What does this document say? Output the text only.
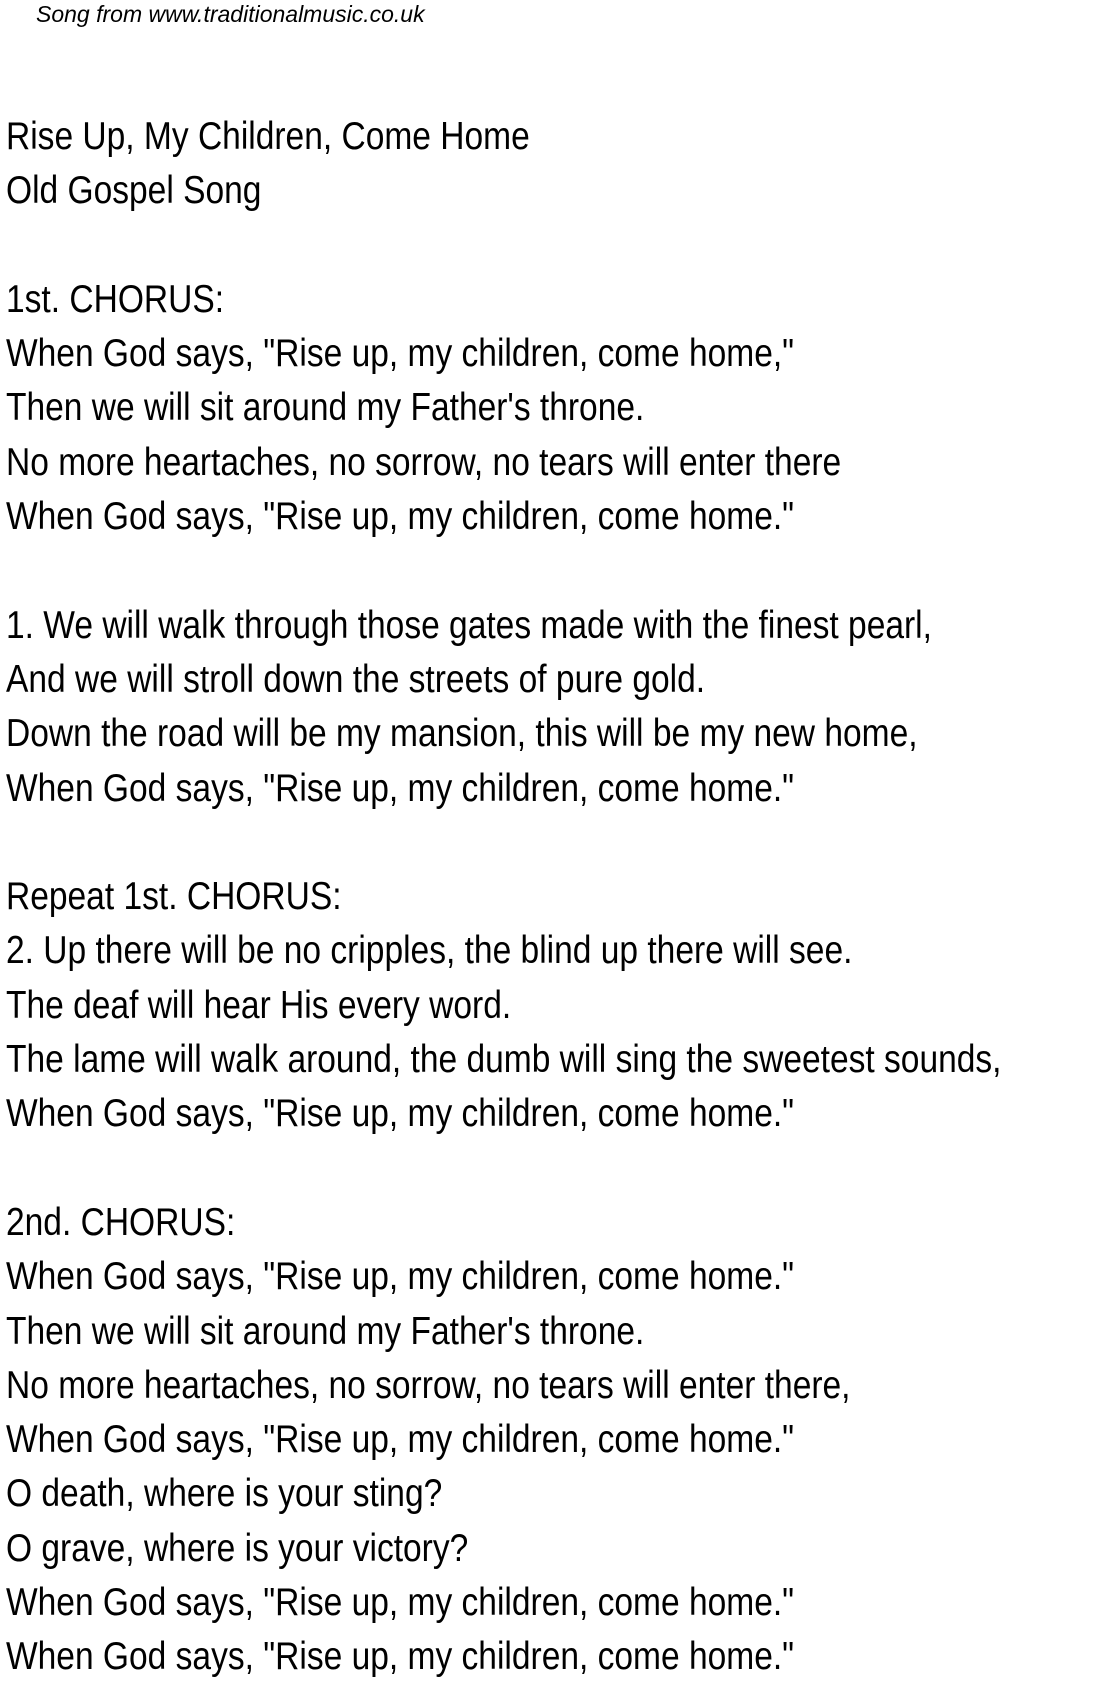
Song from www.traditionalmusic.co.uk
Rise Up, My Children, Come Home
Old Gospel Song
1st. CHORUS:
When God says, "Rise up, my children, come home,"
Then we will sit around my Father's throne.
No more heartaches, no sorrow, no tears will enter there
When God says, "Rise up, my children, come home."
1. We will walk through those gates made with the finest pearl,
And we will stroll down the streets of pure gold.
Down the road will be my mansion, this will be my new home,
When God says, "Rise up, my children, come home."
Repeat 1st. CHORUS:
2. Up there will be no cripples, the blind up there will see.
The deaf will hear His every word.
The lame will walk around, the dumb will sing the sweetest sounds,
When God says, "Rise up, my children, come home."
2nd. CHORUS:
When God says, "Rise up, my children, come home."
Then we will sit around my Father's throne.
No more heartaches, no sorrow, no tears will enter there,
When God says, "Rise up, my children, come home."
O death, where is your sting?
O grave, where is your victory?
When God says, "Rise up, my children, come home."
When God says, "Rise up, my children, come home."
